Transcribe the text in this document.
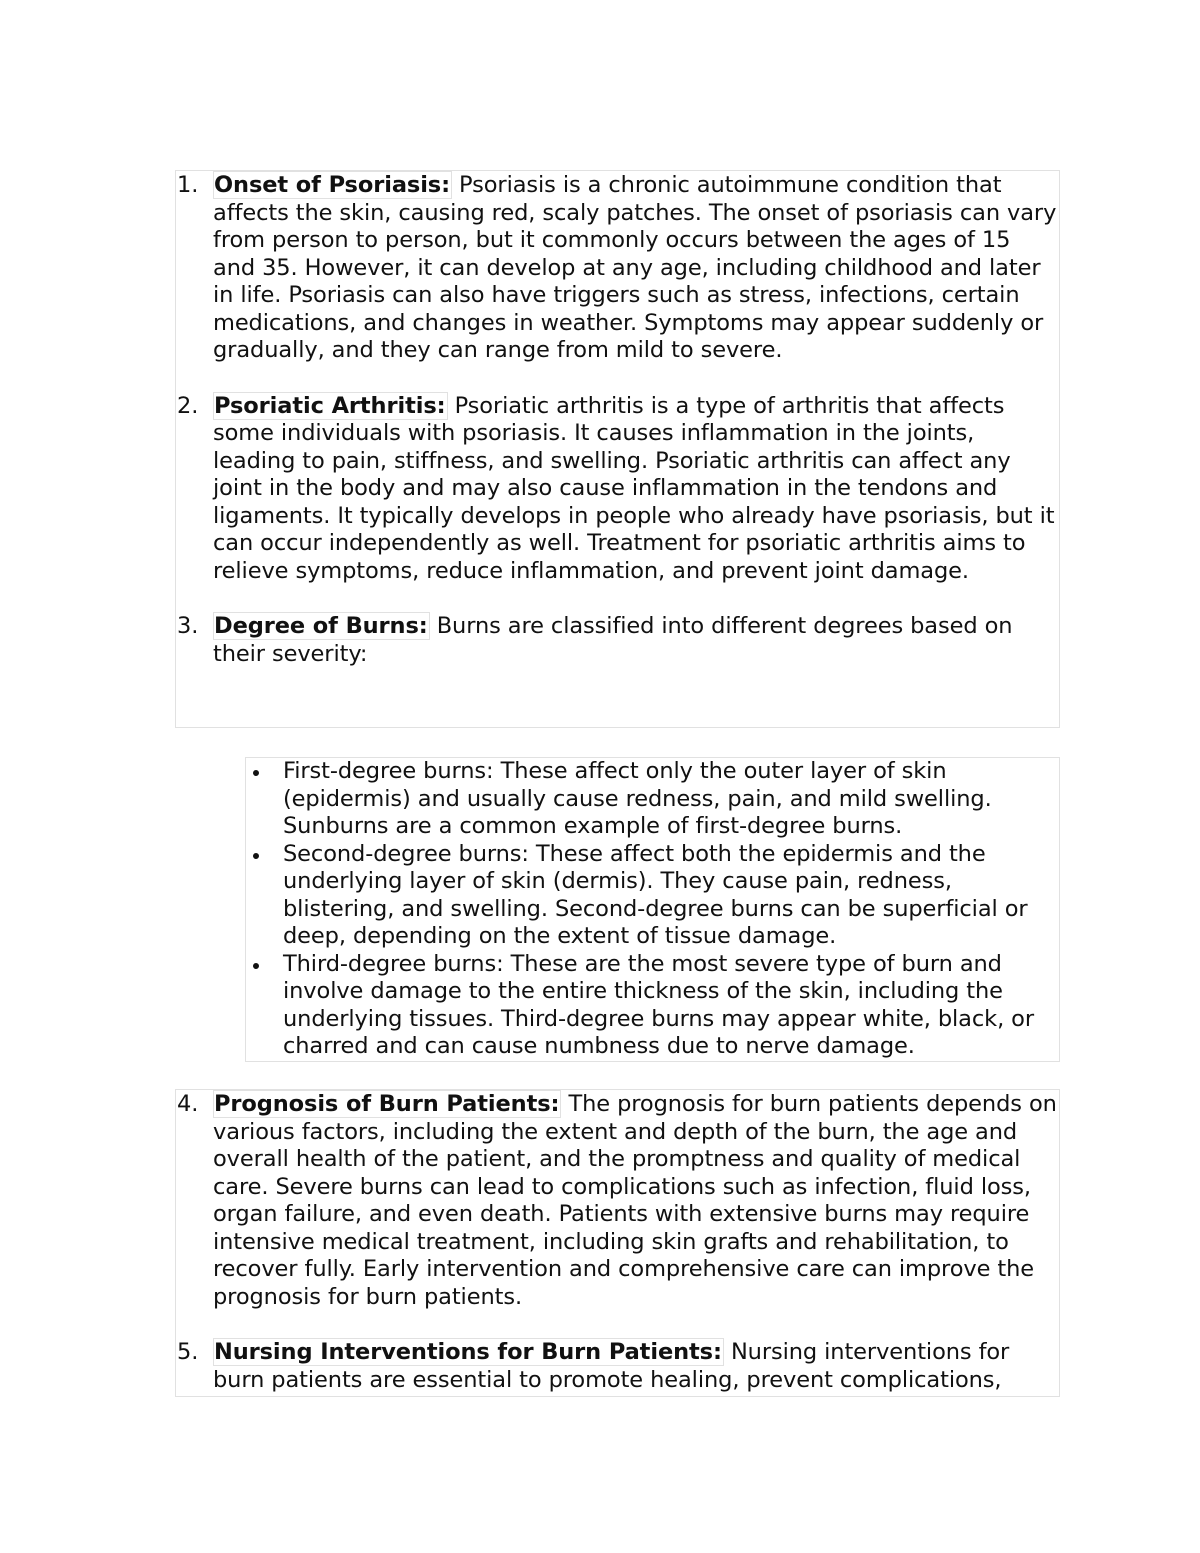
1. Onset of Psoriasis: Psoriasis is a chronic autoimmune condition that affects the skin, causing red, scaly patches. The onset of psoriasis can vary from person to person, but it commonly occurs between the ages of 15 and 35. However, it can develop at any age, including childhood and later in life. Psoriasis can also have triggers such as stress, infections, certain medications, and changes in weather. Symptoms may appear suddenly or gradually, and they can range from mild to severe.
2. Psoriatic Arthritis: Psoriatic arthritis is a type of arthritis that affects some individuals with psoriasis. It causes inflammation in the joints, leading to pain, stiffness, and swelling. Psoriatic arthritis can affect any joint in the body and may also cause inflammation in the tendons and ligaments. It typically develops in people who already have psoriasis, but it can occur independently as well. Treatment for psoriatic arthritis aims to relieve symptoms, reduce inflammation, and prevent joint damage.
3. Degree of Burns: Burns are classified into different degrees based on their severity:
First-degree burns: These affect only the outer layer of skin (epidermis) and usually cause redness, pain, and mild swelling. Sunburns are a common example of first-degree burns.
Second-degree burns: These affect both the epidermis and the underlying layer of skin (dermis). They cause pain, redness, blistering, and swelling. Second-degree burns can be superficial or deep, depending on the extent of tissue damage.
Third-degree burns: These are the most severe type of burn and involve damage to the entire thickness of the skin, including the underlying tissues. Third-degree burns may appear white, black, or charred and can cause numbness due to nerve damage.
4. Prognosis of Burn Patients: The prognosis for burn patients depends on various factors, including the extent and depth of the burn, the age and overall health of the patient, and the promptness and quality of medical care. Severe burns can lead to complications such as infection, fluid loss, organ failure, and even death. Patients with extensive burns may require intensive medical treatment, including skin grafts and rehabilitation, to recover fully. Early intervention and comprehensive care can improve the prognosis for burn patients.
5. Nursing Interventions for Burn Patients: Nursing interventions for burn patients are essential to promote healing, prevent complications,
